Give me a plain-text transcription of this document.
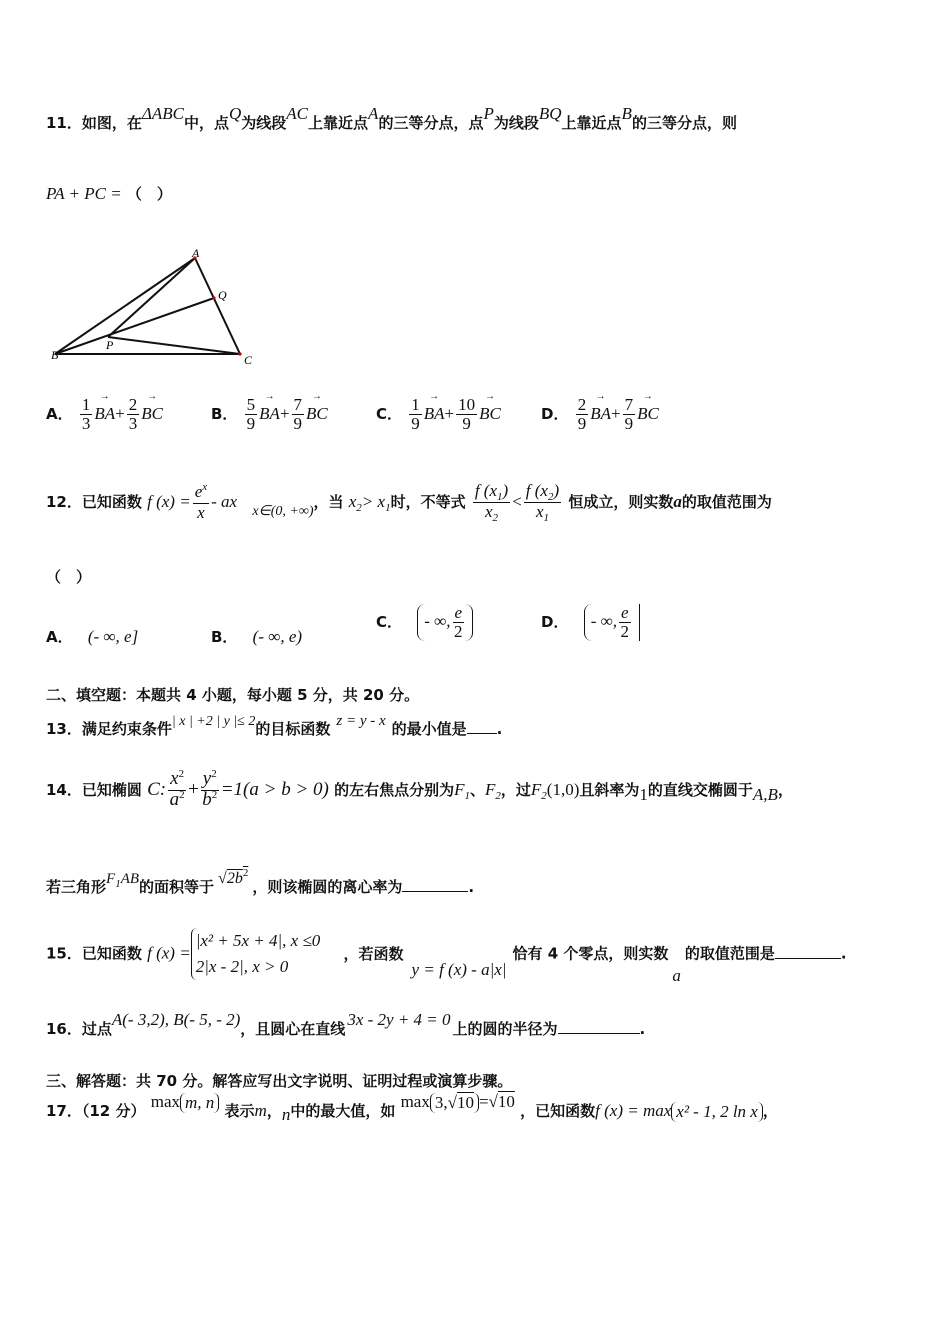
11．如图，在ΔABC中，点Q为线段AC上靠近点A的三等分点，点P为线段BQ上靠近点B的三等分点，则
PA + PC = （　）
A
Q
B
P
C
A． $\frac{1}{3} \to BA+ \frac{2}{3}$ → BC	B． $\frac{5}{9} \to BA+ \frac{7}{9}$ → BC	C． $\frac{1}{9} \to BA+ \frac{10}{9}$ → BC	D． $\frac{2}{9} \to BA+ \frac{7}{9}$ → BC
12．已知函数 f $(x) = \frac{e^x}{x}$ - ax x∈(0, +∞)，当 $x_2> x_1$时，不等式 $\frac{f (x_1)}{x_2} < \frac{f (x_2)}{x_1}$ 恒成立，则实数a的取值范围为
（　）
A． (- ∞, e]	B． (- ∞, e)
C． - ∞, $\frac{e}{2}$	D． - ∞, $\frac{e}{2}$
二、填空题：本题共 4 小题，每小题 5 分，共 20 分。
13．满足约束条件| x | +2 | y |≤ 2的目标函数 z = y - x 的最小值是 .
14．已知椭圆 C: $\frac{x^2}{a^2} + \frac{y^2}{b^2} =1(a > b > 0)$ 的左右焦点分别为$F_1$、$F_2$，过$F_2(1,0)$且斜率为1的直线交椭圆于A,B，
若三角形$F_1AB$的面积等于 $√2b^2$，则该椭圆的离心率为	.
15．已知函数 f (x) =
|x² + 5x + 4|, x ≤0
2|x - 2|, x > 0
，若函数y = f (x) - a|x|恰有 4 个零点，则实数a的取值范围是	.
16．过点A(- 3,2), B(- 5, - 2)，且圆心在直线 3x - 2y + 4 = 0 上的圆的半径为	.
三、解答题：共 70 分。解答应写出文字说明、证明过程或演算步骤。
17．（12 分） max m, n 表示m，n中的最大值，如 max 3,√10 =√10 ，已知函数f (x) = max x² - 1, 2 ln x ，
